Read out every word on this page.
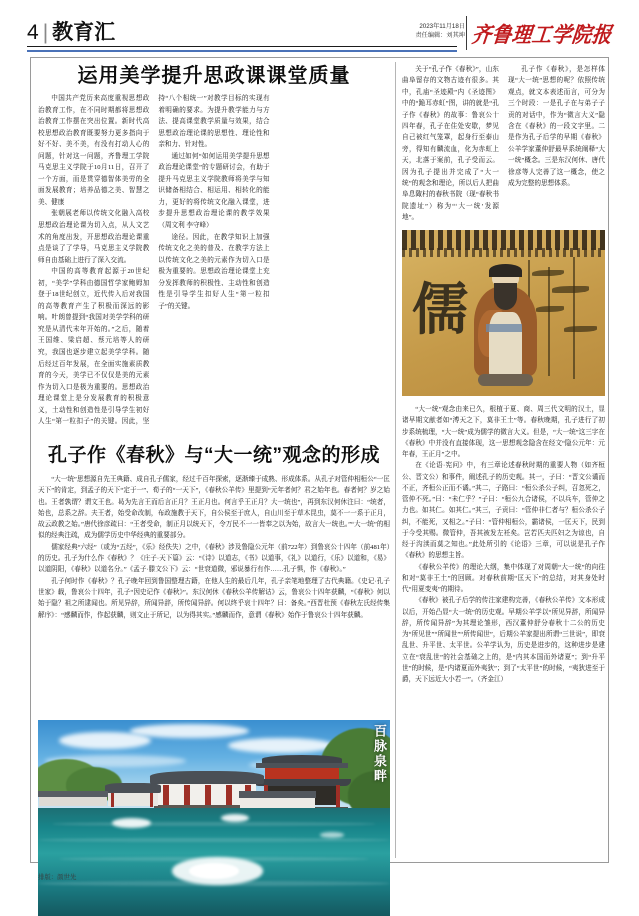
4 | 教育汇	2023年11月18日
责任编辑：刘其坤 齐鲁理工学院报
运用美学提升思政课课堂质量

中国共产党历来高度重视思想政治教育工作，在不同时期都将思想政治教育工作摆在突出位置。新时代高校思想政治教育既要努力更多指向于好不好、美不美，有没有打动人心的问题，针对这一问题，齐鲁理工学院马克思主义学院于10月11日，召开了一个方面，而是贯穿德智体美劳的全面发展教育；培养品德之美、智慧之美、健康

张朝展老师以传统文化融入高校思想政治理论课为切入点，从人文艺术的角度出发，开思想政治理论课重点是谈了了学导，马克思主义学院教师自由基础上进行了深入交流。

中国的高等教育起源于20世纪初，“美学”学科由德国哲学家鲍姆加登于18世纪创立，近代传入后对我国的高等教育产生了积极而深远的影响。叶朗曾提到“我国对美学学科的研究是从清代末年开始的。”之后，随着王国维、梁启超、蔡元培等人的研究，我国也逐步建立起美学学科。随后经过百年发展，在全面实施素质教育的今天，美学已不仅仅是美的元素作为切入口是极为重要的。思想政治理论课堂上是分发展教育的积极意义，土动性和创造性是引导学生初好人生“第一粒扣子”的关键。因此，坚持“八个相统一”对教学目标的实现有着明确的要求。为提升教学能力与方法、提高课堂教学质量与效果，结合思想政治理论课的思想性、理论性和亲和力、针对性。

通过如何“如何运用美学提升思想政治理论课堂”的专题研讨会，有助于提升马克思主义学院教师将美学与知识储备相结合、相运用、相转化的能力，更好的将传统文化融入课堂，进步提升思想政治理论课的教学效果（周文利 李守峰）

途径。因此，在教学知识上加强传统文化之美的普及、在教学方法上以传统文化之美的元素作为切入口是极为重要的。思想政治理论课堂上充分发挥教师的积极性、主动性和创造性是引导学生扣好人生“第一粒扣子”的关键。

孔子作《春秋》与“大一统”观念的形成

“大一统”思想源自先王典籍、成自孔子儒家，经过千百年探索，逐渐臻于成熟、形成体系。从孔子对管仲相桓公“一匡天下”的肯定，到孟子的天下“定于一”、荀子的“一天下”，《春秋公羊传》里提到“元年者何？君之始年也。春者何？岁之始也。王者孰谓？谓文王也。曷为先言王而后言正月？王正月也。何言乎王正月？大一统也”，再到东汉何休注曰：“统者，始也，总系之辞。夫王者，始受命改制，布政施教于天下，自公侯至于庶人，自山川至于草木昆虫，莫不一一系于正月，故云政教之始。”唐代徐彦疏曰：“王者受命，制正月以统天下，令万民不一一皆奉之以为始，故言大一统也。”“大一统”的相似的经典注疏，成为儒学历史中华经典的重要部分。

儒家经典“六经”（或为“五经”，《乐》经佚失）之中，《春秋》涉及鲁隐公元年（前722年）到鲁哀公十四年（前481年）的历史。孔子为什么作《春秋》？《庄子·天下篇》云：“《诗》以道志，《书》以道事，《礼》以道行，《乐》以道和，《易》以道阴阳，《春秋》以道名分。”《孟子·滕文公下》云：“世衰道微，邪说暴行有作……孔子惧，作《春秋》。”

孔子何时作《春秋》？孔子晚年回到鲁国整理古籍，在他人生的最后几年，孔子亲笔地整理了古代典籍。《史记·孔子世家》载，鲁哀公十四年，孔子“因史记作《春秋》”。东汉何休《春秋公羊传解诂》云，鲁哀公十四年获麟，“《春秋》何以始于隐？祖之所逮闻也。所见异辞，所闻异辞，所传闻异辞。何以终乎哀十四年？曰：备矣。”西晋杜预《春秋左氏经传集解序》：“感麟而作，作起获麟，则文止于所记，以为得其实。”感麟而作，意谓《春秋》始作于鲁哀公十四年获麟。

百脉泉畔

关于“孔子作《春秋》”，山东曲阜留存的文物古迹有很多。其中，孔庙“圣迹殿”内《圣迹图》中的“跪耳赤虹”图，讲的就是“孔子作《春秋》的故事：鲁哀公十四年春，孔子在住处安歇，梦见自己被红气笼罩，起身行至泰山旁，得知有麟流血，化为赤虹上天，北落于案前，孔子受而云。因为孔子提出并完成了“大一统”的观念和理论，所以后人把曲阜息陬村的春秋书院（现“春秋书院遗址”）称为“‘大一统’发源地”。

孔子作《春秋》，是怎样体现“大一统”思想的呢？依照传统观点，就文本表述而言，可分为三个时段：一是孔子在与弟子子贡的对话中，作为“微言大义”隐含在《春秋》的一段文字里。二是作为孔子后学的早期《春秋》公羊学家董仲舒最早系统阐释“大一统”概念。三是东汉何休、唐代徐彦等人完善了这一概念，使之成为完整的思想体系。

儒

“大一统”观念由来已久，根植于夏、商、周三代文明的汉土，显诸早期文献者如“溥天之下，莫非王土”等。春秋晚期，孔子进行了初步系统梳理，“大一统”成为儒学的微言大义。但是，“大一统”这三字在《春秋》中并没有直接体现，这一思想观念隐含在经文“隐公元年：元年春，王正月”之中。

在《论语·宪问》中，有三章论述春秋时期的重要人物（如齐桓公、晋文公）和事件，阐述孔子的历史观。其一，子曰：“晋文公谲而不正，齐桓公正而不谲。”其二，子路曰：“桓公杀公子纠，召忽死之，管仲不死。”曰：“未仁乎？”子曰：“桓公九合诸侯，不以兵车，管仲之力也。如其仁。如其仁。”其三，子贡曰：“管仲非仁者与？桓公杀公子纠，不能死，又相之。”子曰：“管仲相桓公，霸诸侯，一匡天下，民到于今受其赐。微管仲，吾其被发左衽矣。岂若匹夫匹妇之为谅也，自经于沟渎而莫之知也。”此处所引的《论语》三章，可以说是孔子作《春秋》的思想主旨。

《春秋公羊传》的理论大纲，集中体现了对周朝“大一统”的向往和对“莫非王土”的回顾。对春秋前期“匡天下”的总结，对其身处时代“用夏变夷”的期待。

《春秋》被孔子后学的传注家建构完善，《春秋公羊传》文本形成以后，开始凸显“大一统”的历史观。早期公羊学以“所见异辞，所闻异辞，所传闻异辞”为其理论雏形，西汉董仲舒分春秋十二公的历史为“所见世”“所闻世”“所传闻世”，后期公羊家提出所谓“三世说”，即衰乱世、升平世、太平世。公羊学认为，历史是进步的，这种进步是建立在“衰乱世”的社会基础之上的，是“内其本国而外诸夏”；到“升平世”的时候，是“内诸夏而外夷狄”；到了“太平世”的时候，“夷狄进至于爵，天下远近大小若一”。（齐金江）

排版：颜世先
